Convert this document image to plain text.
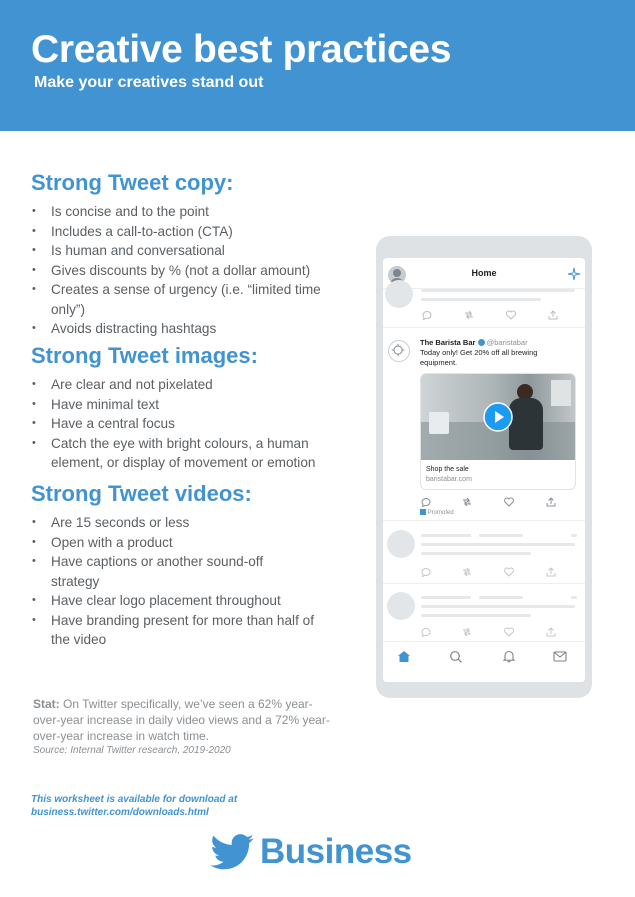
Creative best practices
Make your creatives stand out
Strong Tweet copy:
• Is concise and to the point
• Includes a call-to-action (CTA)
• Is human and conversational
• Gives discounts by % (not a dollar amount)
• Creates a sense of urgency (i.e. “limited time only”)
• Avoids distracting hashtags
Strong Tweet images:
• Are clear and not pixelated
• Have minimal text
• Have a central focus
• Catch the eye with bright colours, a human element, or display of movement or emotion
Strong Tweet videos:
• Are 15 seconds or less
• Open with a product
• Have captions or another sound-off strategy
• Have clear logo placement throughout
• Have branding present for more than half of the video
Stat: On Twitter specifically, we’ve seen a 62% year-over-year increase in daily video views and a 72% year-over-year increase in watch time.
Source: Internal Twitter research, 2019-2020
This worksheet is available for download at business.twitter.com/downloads.html
Business
Home
The Barista Bar @baristabar
Today only! Get 20% off all brewing equipment.
Shop the sale
baristabar.com
Promoted
